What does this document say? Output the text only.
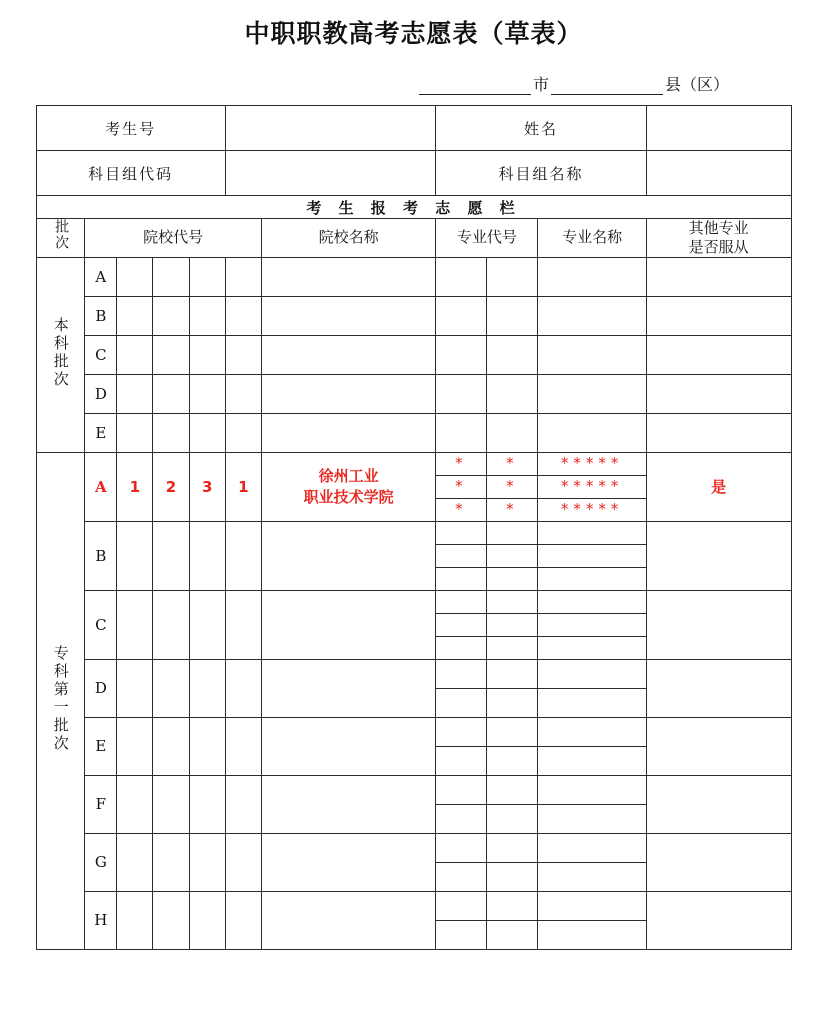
中职职教高考志愿表（草表）
市	县（区）
考生号							姓名			
科目组代码							科目组名称			
考 生 报 考 志 愿 栏										
批次	院校代号					院校名称	专业代号		专业名称	其他专业
是否服从

本科批次	A									
	B									
	C									
	D									
	E									
专科第一批次	A	1	2	3	1	徐州工业
职业技术学院	*	*	*****	是
							*	*	*****	
							*	*	*****	
	B									

	C									

	D									

	E									

	F									

	G									

	H									
